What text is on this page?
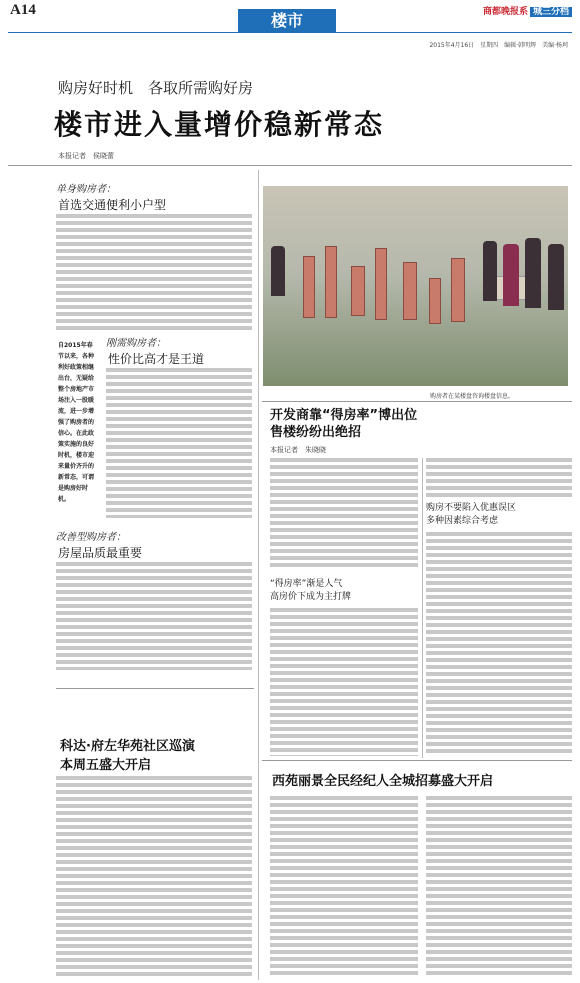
A14
楼市	商都晚报系 城三分档
2015年4月16日　星期四　编辑·韩明辉　美编·杨珂
购房好时机　各取所需购好房
楼市进入量增价稳新常态
本报记者　侯晓蕾
单身购房者：
首选交通便利小户型
自2015年春节以来，各种利好政策相继出台，无疑给整个房地产市场注入一股暖流，进一步增强了购房者的信心。在此政策实施的良好时机，楼市迎来量价齐升的新常态，可谓是购房好时机。
刚需购房者：
性价比高才是王道
改善型购房者：
房屋品质最重要
购房者在某楼盘咨询楼盘信息。
开发商靠“得房率”博出位
售楼纷纷出绝招
本报记者　朱晓晓
“得房率”渐是人气
高房价下成为主打牌
购房不要陷入优惠误区
多种因素综合考虑
科达·府左华苑社区巡演
本周五盛大开启
西苑丽景全民经纪人全城招募盛大开启
